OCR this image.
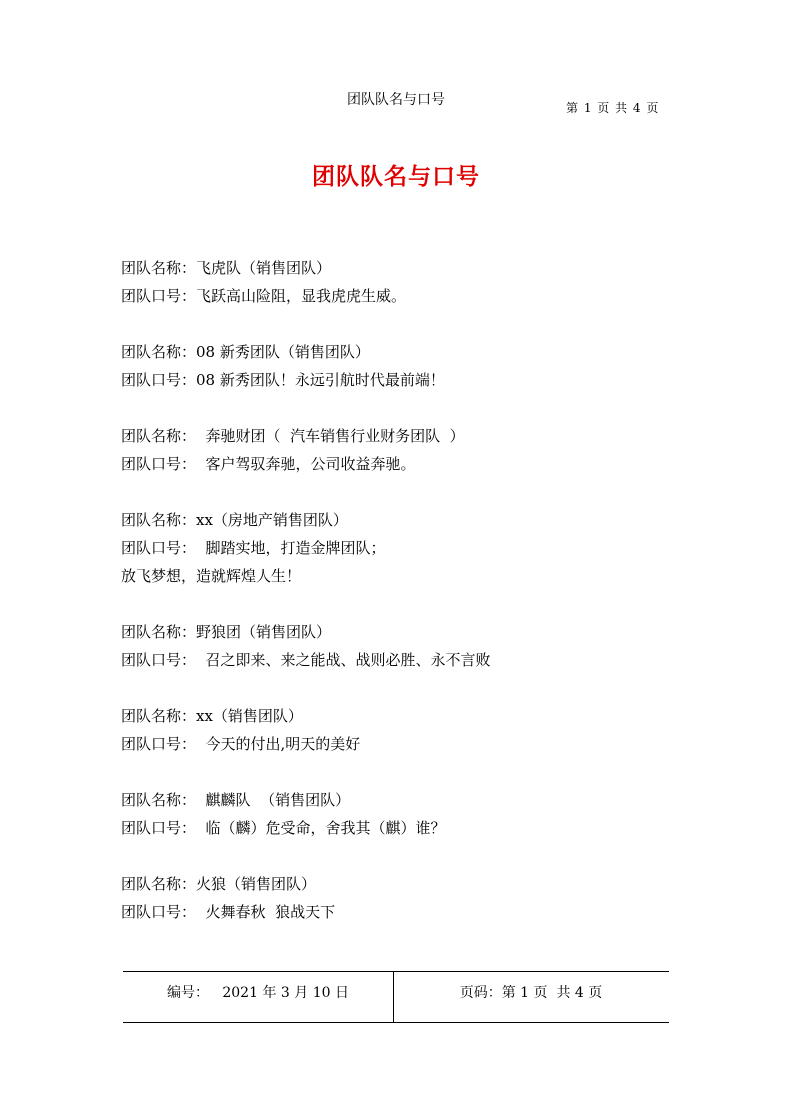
团队队名与口号	第 1 页 共 4 页
团队队名与口号
团队名称：飞虎队（销售团队）
团队口号：飞跃高山险阻，显我虎虎生威。
团队名称：08 新秀团队（销售团队）
团队口号：08 新秀团队！永远引航时代最前端！
团队名称：  奔驰财团（  汽车销售行业财务团队  ）
团队口号：  客户驾驭奔驰，公司收益奔驰。
团队名称：xx（房地产销售团队）
团队口号：  脚踏实地，打造金牌团队；
放飞梦想，造就辉煌人生！
团队名称：野狼团（销售团队）
团队口号：  召之即来、来之能战、战则必胜、永不言败
团队名称：xx（销售团队）
团队口号：  今天的付出,明天的美好
团队名称：  麒麟队  （销售团队）
团队口号：  临（麟）危受命，舍我其（麒）谁？
团队名称：火狼（销售团队）
团队口号：  火舞春秋  狼战天下
编号：   2021 年 3 月 10 日	页码：第 1 页  共 4 页
